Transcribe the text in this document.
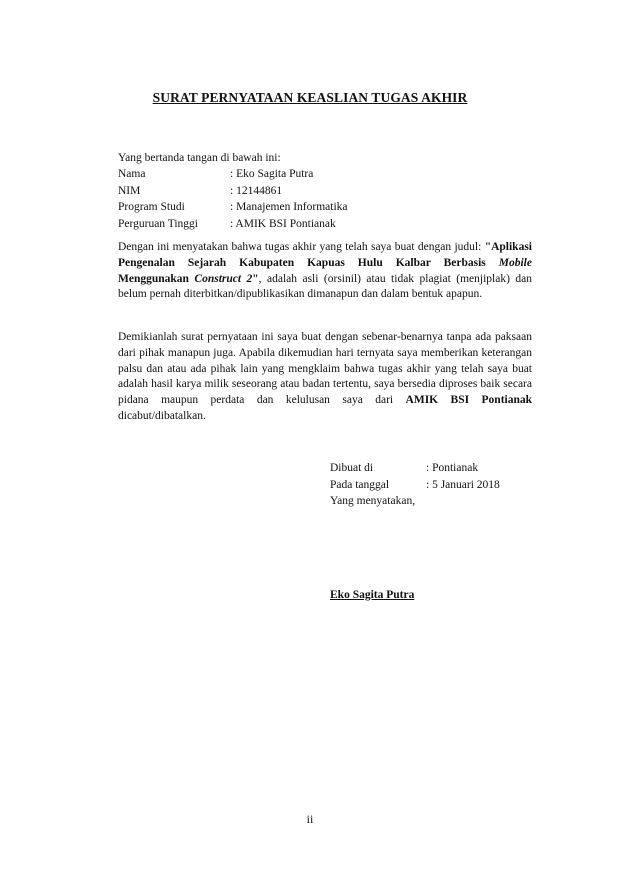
SURAT PERNYATAAN KEASLIAN TUGAS AKHIR
Yang bertanda tangan di bawah ini:
Nama	: Eko Sagita Putra
NIM	: 12144861
Program Studi	: Manajemen Informatika
Perguruan Tinggi	: AMIK BSI Pontianak

Dengan ini menyatakan bahwa tugas akhir yang telah saya buat dengan judul: "Aplikasi Pengenalan Sejarah Kabupaten Kapuas Hulu Kalbar Berbasis Mobile Menggunakan Construct 2", adalah asli (orsinil) atau tidak plagiat (menjiplak) dan belum pernah diterbitkan/dipublikasikan dimanapun dan dalam bentuk apapun.

Demikianlah surat pernyataan ini saya buat dengan sebenar-benarnya tanpa ada paksaan dari pihak manapun juga. Apabila dikemudian hari ternyata saya memberikan keterangan palsu dan atau ada pihak lain yang mengklaim bahwa tugas akhir yang telah saya buat adalah hasil karya milik seseorang atau badan tertentu, saya bersedia diproses baik secara pidana maupun perdata dan kelulusan saya dari AMIK BSI Pontianak dicabut/dibatalkan.

Dibuat di	: Pontianak
Pada tanggal	: 5 Januari 2018
Yang menyatakan,
Eko Sagita Putra
ii
